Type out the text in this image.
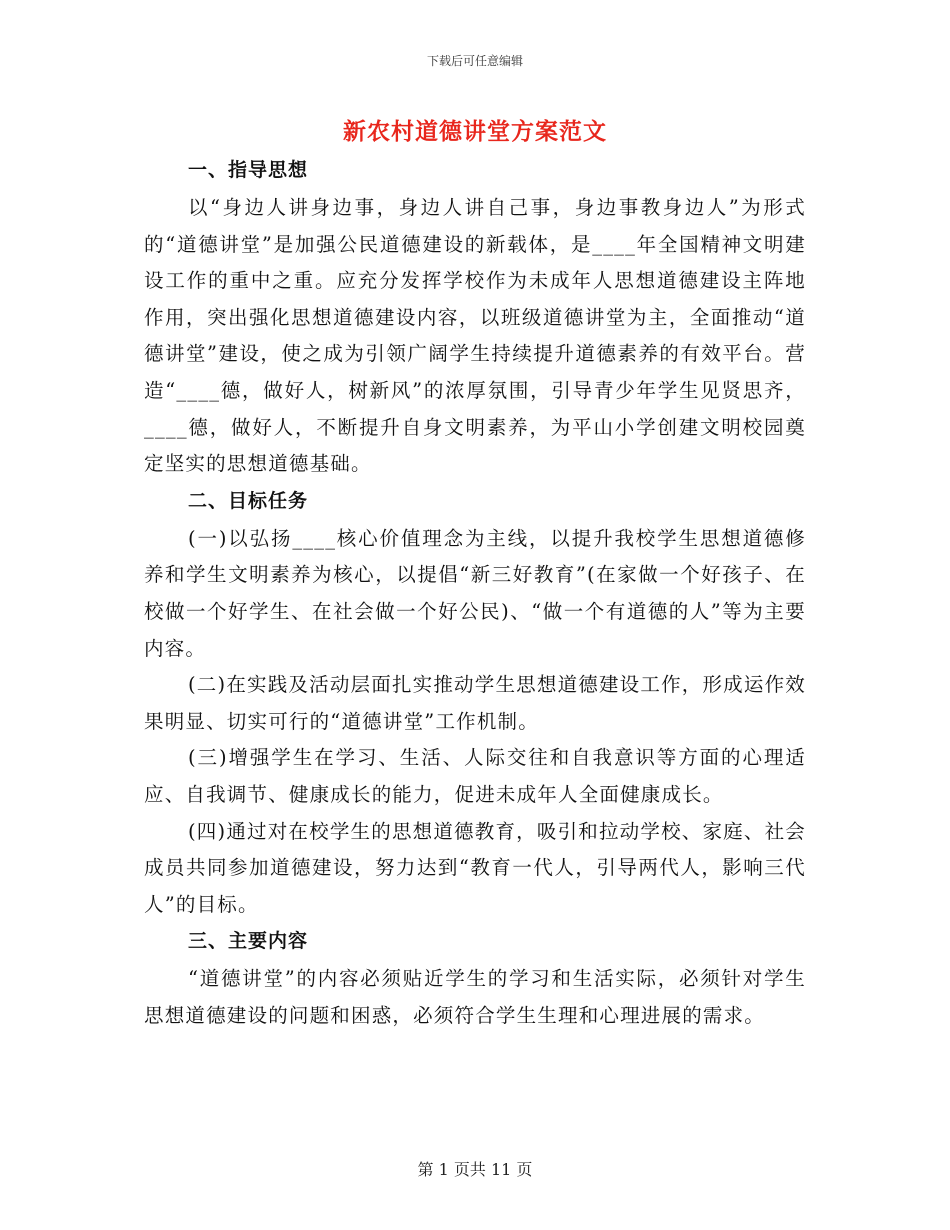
下载后可任意编辑
新农村道德讲堂方案范文
一、指导思想

以“身边人讲身边事，身边人讲自己事，身边事教身边人”为形式的“道德讲堂”是加强公民道德建设的新载体，是____年全国精神文明建设工作的重中之重。应充分发挥学校作为未成年人思想道德建设主阵地作用，突出强化思想道德建设内容，以班级道德讲堂为主，全面推动“道德讲堂”建设，使之成为引领广阔学生持续提升道德素养的有效平台。营造“____德，做好人，树新风”的浓厚氛围，引导青少年学生见贤思齐，____德，做好人，不断提升自身文明素养，为平山小学创建文明校园奠定坚实的思想道德基础。

二、目标任务

(一)以弘扬____核心价值理念为主线，以提升我校学生思想道德修养和学生文明素养为核心，以提倡“新三好教育”(在家做一个好孩子、在校做一个好学生、在社会做一个好公民)、“做一个有道德的人”等为主要内容。

(二)在实践及活动层面扎实推动学生思想道德建设工作，形成运作效果明显、切实可行的“道德讲堂”工作机制。

(三)增强学生在学习、生活、人际交往和自我意识等方面的心理适应、自我调节、健康成长的能力，促进未成年人全面健康成长。

(四)通过对在校学生的思想道德教育，吸引和拉动学校、家庭、社会成员共同参加道德建设，努力达到“教育一代人，引导两代人，影响三代人”的目标。

三、主要内容

“道德讲堂”的内容必须贴近学生的学习和生活实际，必须针对学生思想道德建设的问题和困惑，必须符合学生生理和心理进展的需求。

第 1 页共 11 页
